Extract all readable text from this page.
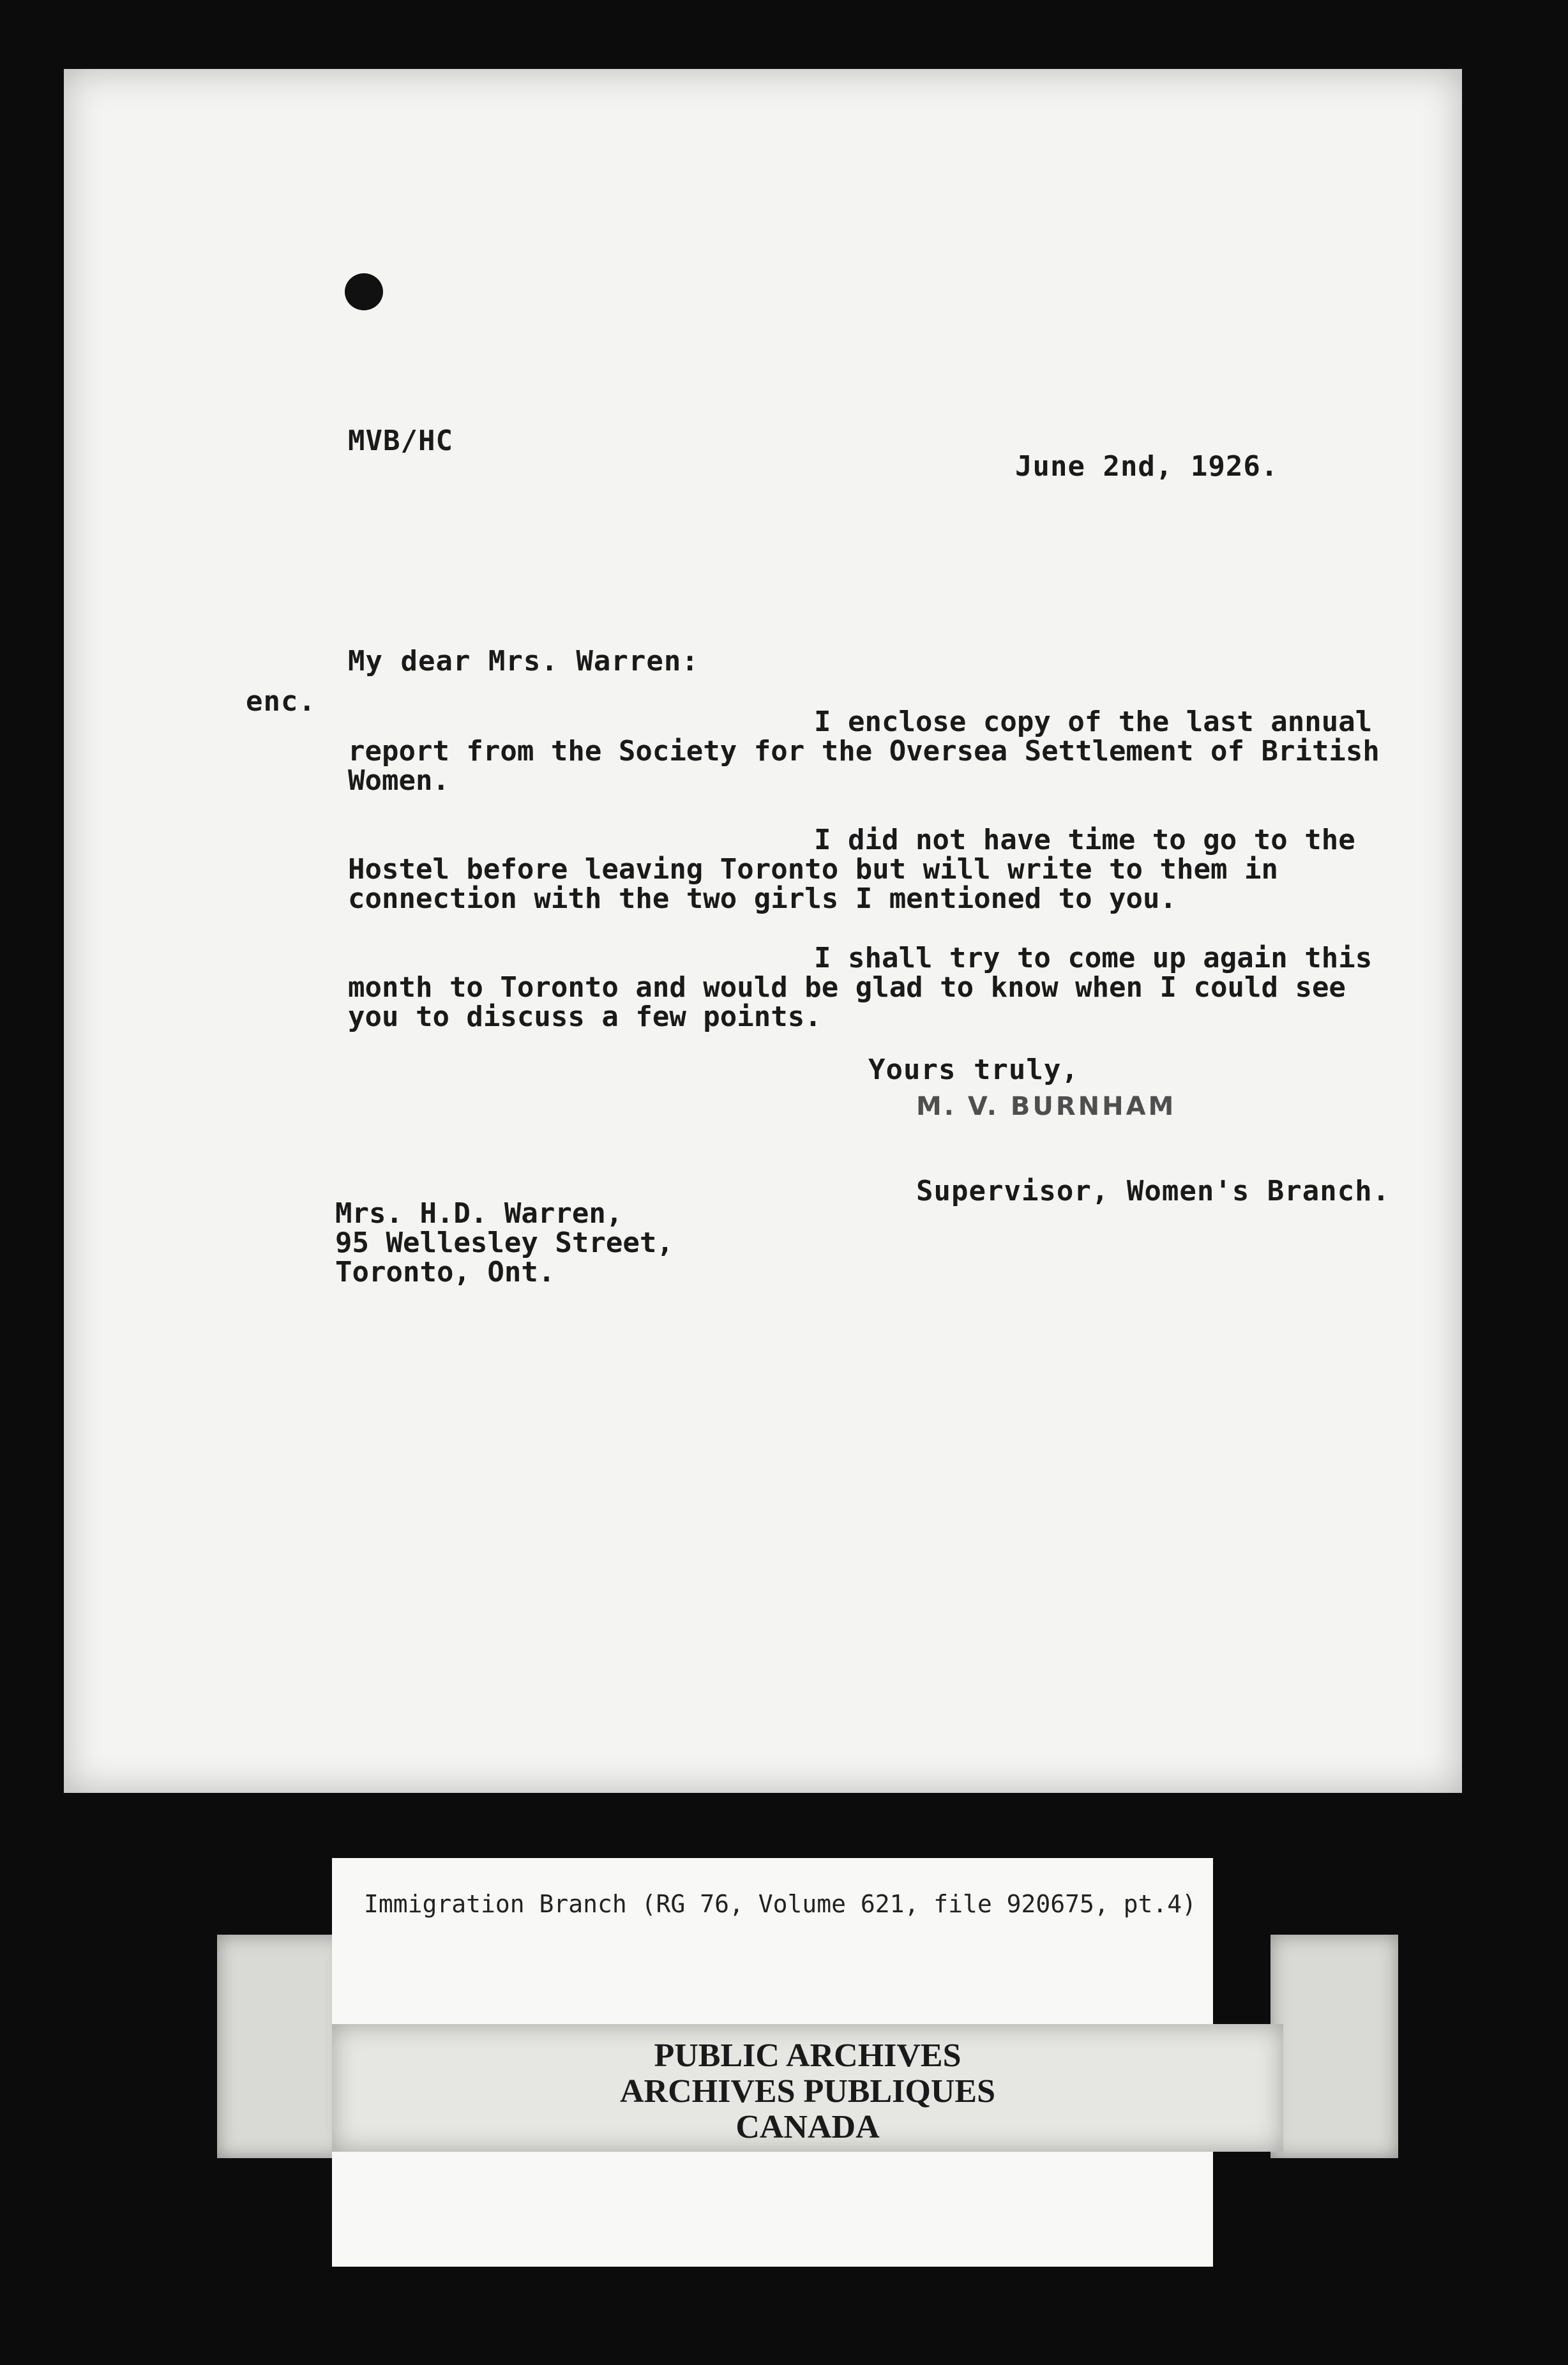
MVB/HC
June 2nd, 1926.
My dear Mrs. Warren:
enc.
I enclose copy of the last annual
report from the Society for the Oversea Settlement of British
Women.
I did not have time to go to the
Hostel before leaving Toronto but will write to them in
connection with the two girls I mentioned to you.
I shall try to come up again this
month to Toronto and would be glad to know when I could see
you to discuss a few points.
Yours truly,
M. V. BURNHAM
Supervisor, Women's Branch.
Mrs. H.D. Warren,
95 Wellesley Street,
Toronto, Ont.
Immigration Branch (RG 76, Volume 621, file 920675, pt.4)
PUBLIC ARCHIVES
ARCHIVES PUBLIQUES
CANADA
